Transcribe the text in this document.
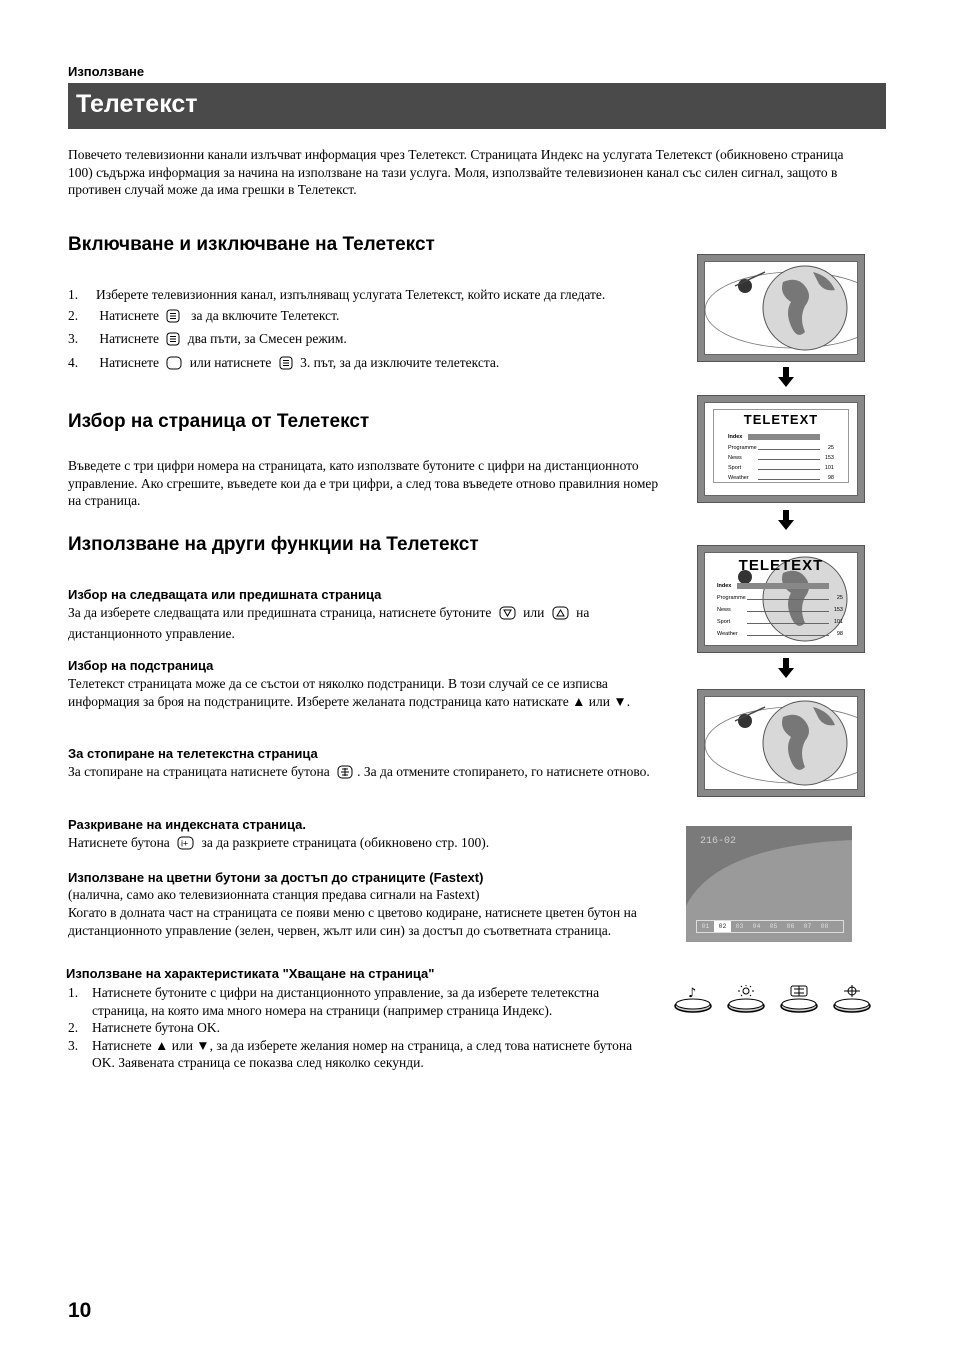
Използване
Телетекст
Повечето телевизионни канали излъчват информация чрез Телетекст. Страницата Индекс на услугата Телетекст (обикновено страница 100) съдържа информация за начина на използване на тази услуга. Моля, използвайте телевизионен канал със силен сигнал, защото в противен случай може да има грешки в Телетекст.
Включване и изключване на Телетекст
1. Изберете телевизионния канал, изпълняващ услугата Телетекст, който искате да гледате.
2. Натиснете за да включите Телетекст.
3. Натиснете два пъти, за Смесен режим.
4. Натиснете или натиснете 3. път, за да изключите телетекста.
Избор на страница от Телетекст
Въведете с три цифри номера на страницата, като използвате бутоните с цифри на дистанционното управление. Ако сгрешите, въведете кои да е три цифри, а след това въведете отново правилния номер на страница.
Използване на други функции на Телетекст
Избор на следващата или предишната страница
За да изберете следващата или предишната страница, натиснете бутоните или на дистанционното управление.
Избор на подстраница
Телетекст страницата може да се състои от няколко подстраници. В този случай се се изписва информация за броя на подстраниците. Изберете желаната подстраница като натискате ▲ или ▼.
За стопиране на телетекстна страница
За стопиране на страницата натиснете бутона . За да отмените стопирането, го натиснете отново.
Разкриване на индексната страница.
Натиснете бутона i+ за да разкриете страницата (обикновено стр. 100).
Използване на цветни бутони за достъп до страниците (Fastext)
(налична, само ако телевизионната станция предава сигнали на Fastext)
Когато в долната част на страницата се появи меню с цветово кодиране, натиснете цветен бутон на дистанционното управление (зелен, червен, жълт или син) за достъп до съответната страница.
Използване на характеристиката "Хващане на страница"
1. Натиснете бутоните с цифри на дистанционното управление, за да изберете телетекстна страница, на която има много номера на страници (например страница Индекс).
2. Натиснете бутона OK.
3. Натиснете ▲ или ▼, за да изберете желания номер на страница, а след това натиснете бутона OK. Заявената страница се показва след няколко секунди.
TELETEXT
Index
Programme	25
News	153
Sport	101
Weather	98
TELETEXT
Index
Programme	25
News	153
Sport	101
Weather	98
216-02
01 02 03 04 05 06 07 08
♪
10
